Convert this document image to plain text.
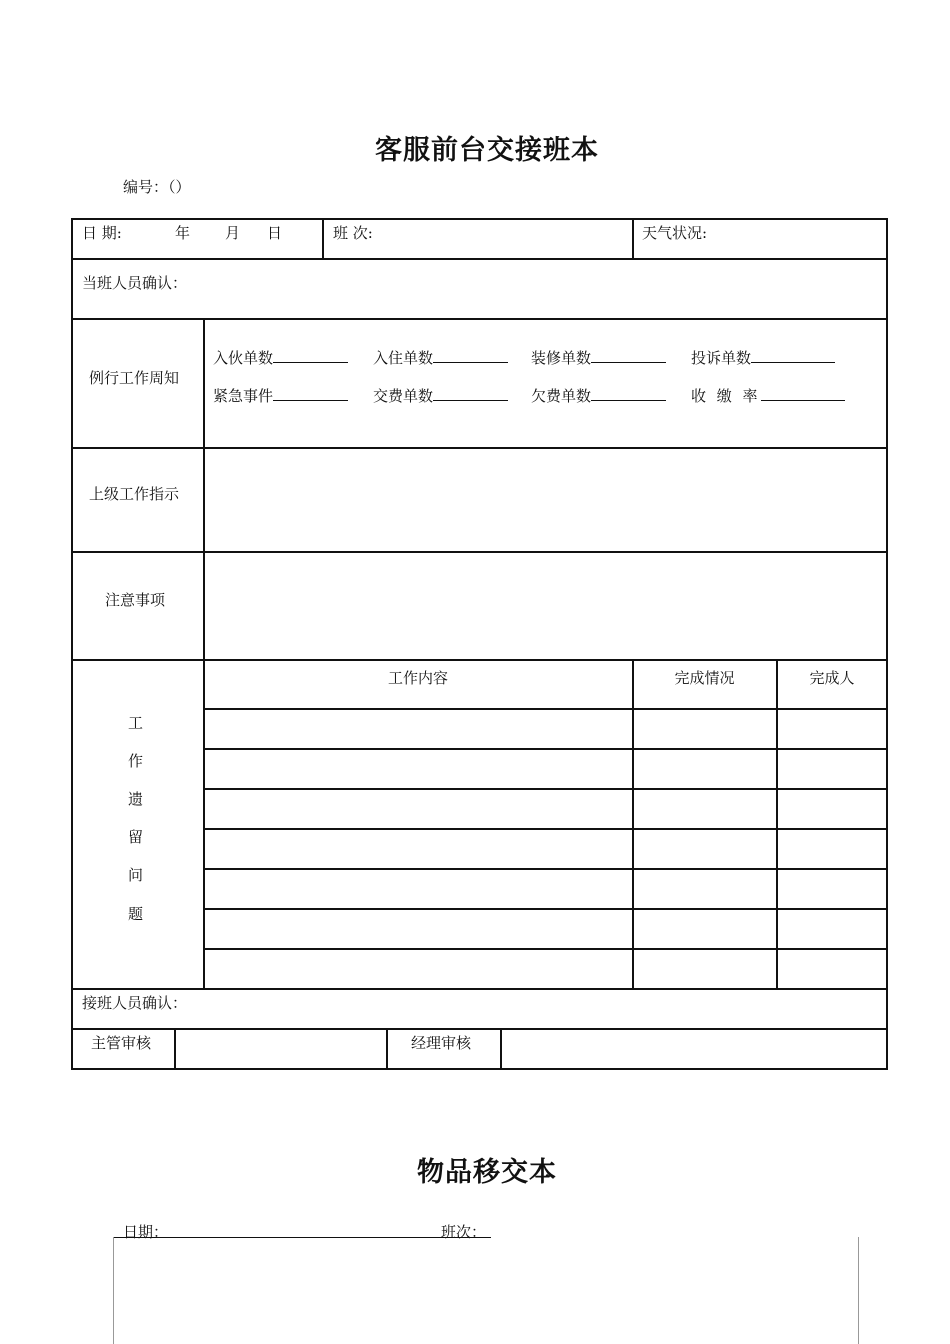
客服前台交接班本
编号：（）
日 期:	年 月 日	班 次:	天气状况:
当班人员确认：
例行工作周知
入伙单数	入住单数	装修单数	投诉单数
紧急事件	交费单数	欠费单数	收 缴 率
上级工作指示
注意事项
工
作
遗
留
问
题
工作内容	完成情况	完成人
接班人员确认：
主管审核	经理审核
物品移交本
日期：	班次：
